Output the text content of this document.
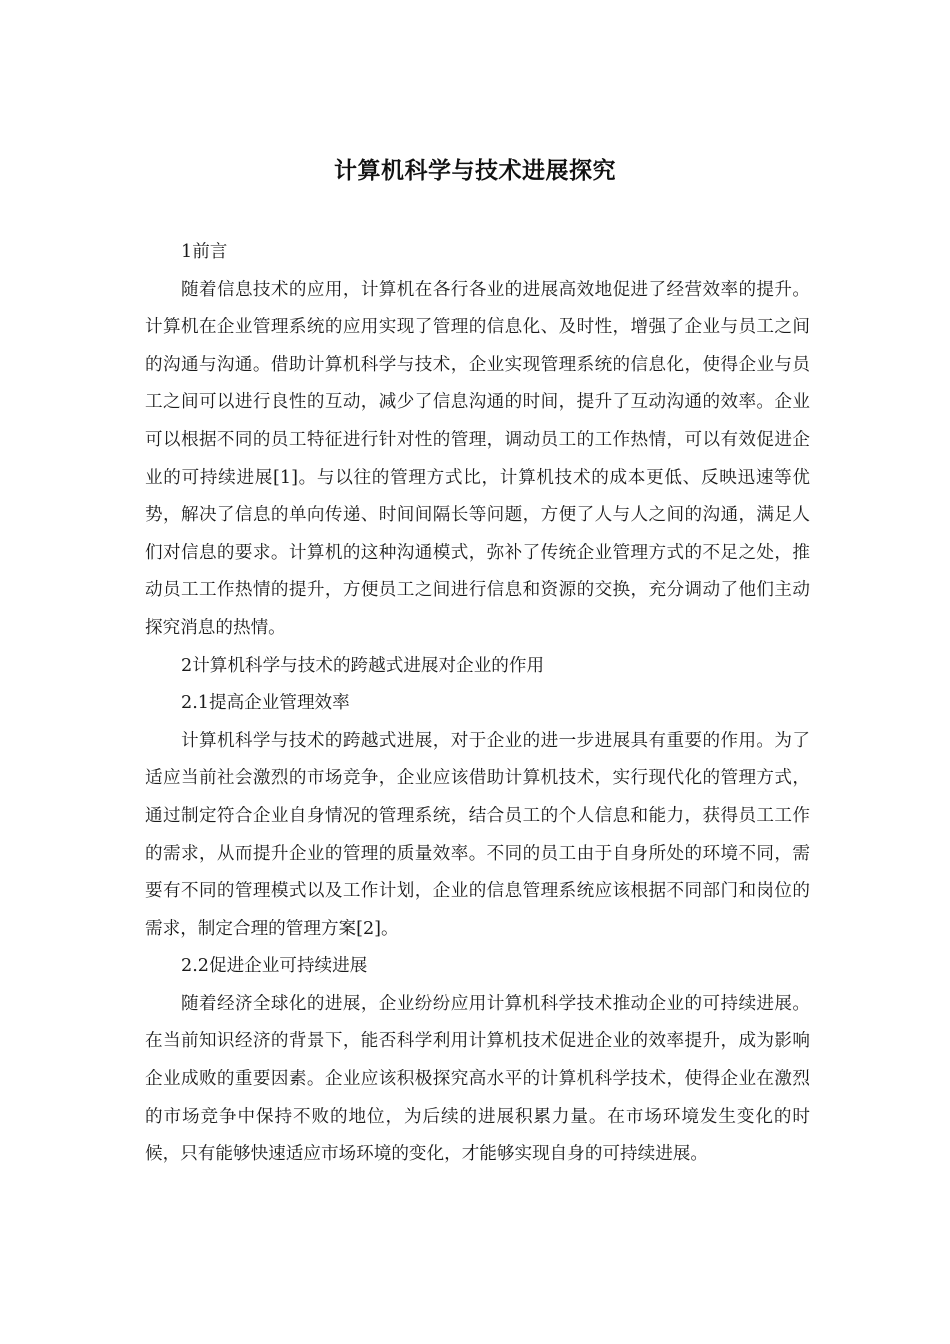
计算机科学与技术进展探究

1前言

随着信息技术的应用，计算机在各行各业的进展高效地促进了经营效率的提升。计算机在企业管理系统的应用实现了管理的信息化、及时性，增强了企业与员工之间的沟通与沟通。借助计算机科学与技术，企业实现管理系统的信息化，使得企业与员工之间可以进行良性的互动，减少了信息沟通的时间，提升了互动沟通的效率。企业可以根据不同的员工特征进行针对性的管理，调动员工的工作热情，可以有效促进企业的可持续进展[1]。与以往的管理方式比，计算机技术的成本更低、反映迅速等优势，解决了信息的单向传递、时间间隔长等问题，方便了人与人之间的沟通，满足人们对信息的要求。计算机的这种沟通模式，弥补了传统企业管理方式的不足之处，推动员工工作热情的提升，方便员工之间进行信息和资源的交换，充分调动了他们主动探究消息的热情。

2计算机科学与技术的跨越式进展对企业的作用

2.1提高企业管理效率

计算机科学与技术的跨越式进展，对于企业的进一步进展具有重要的作用。为了适应当前社会激烈的市场竞争，企业应该借助计算机技术，实行现代化的管理方式，通过制定符合企业自身情况的管理系统，结合员工的个人信息和能力，获得员工工作的需求，从而提升企业的管理的质量效率。不同的员工由于自身所处的环境不同，需要有不同的管理模式以及工作计划，企业的信息管理系统应该根据不同部门和岗位的需求，制定合理的管理方案[2]。

2.2促进企业可持续进展

随着经济全球化的进展，企业纷纷应用计算机科学技术推动企业的可持续进展。在当前知识经济的背景下，能否科学利用计算机技术促进企业的效率提升，成为影响企业成败的重要因素。企业应该积极探究高水平的计算机科学技术，使得企业在激烈的市场竞争中保持不败的地位，为后续的进展积累力量。在市场环境发生变化的时候，只有能够快速适应市场环境的变化，才能够实现自身的可持续进展。
